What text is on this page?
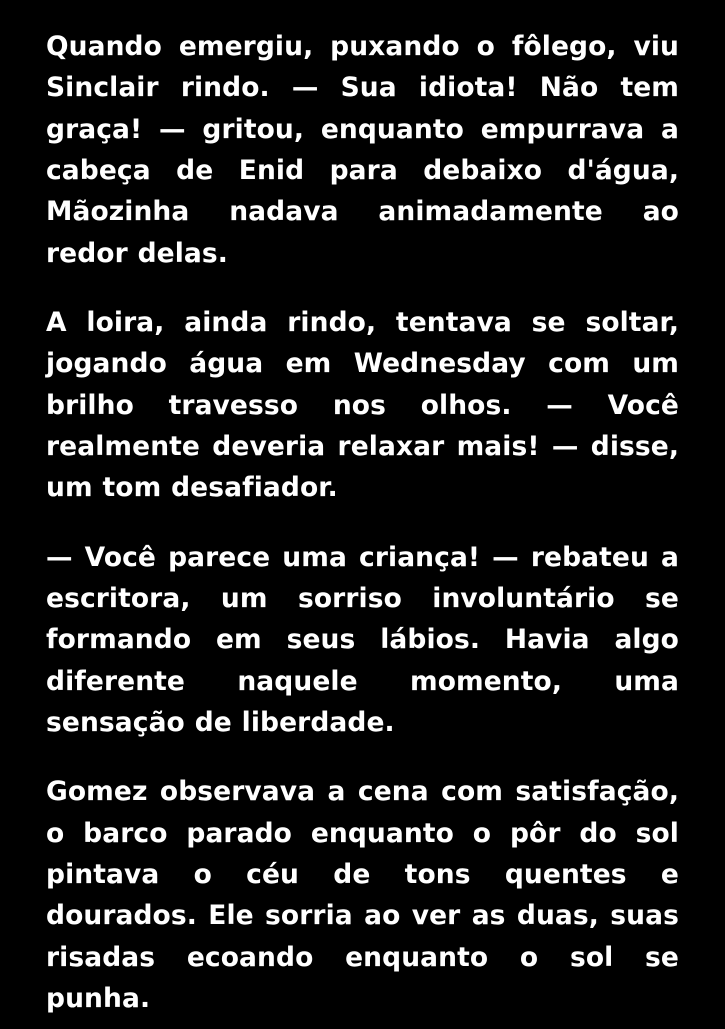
Quando emergiu, puxando o fôlego, viu Sinclair rindo. — Sua idiota! Não tem graça! — gritou, enquanto empurrava a cabeça de Enid para debaixo d'água, Mãozinha nadava animadamente ao redor delas.

A loira, ainda rindo, tentava se soltar, jogando água em Wednesday com um brilho travesso nos olhos. — Você realmente deveria relaxar mais! — disse, um tom desafiador.

— Você parece uma criança! — rebateu a escritora, um sorriso involuntário se formando em seus lábios. Havia algo diferente naquele momento, uma sensação de liberdade.

Gomez observava a cena com satisfação, o barco parado enquanto o pôr do sol pintava o céu de tons quentes e dourados. Ele sorria ao ver as duas, suas risadas ecoando enquanto o sol se punha.
